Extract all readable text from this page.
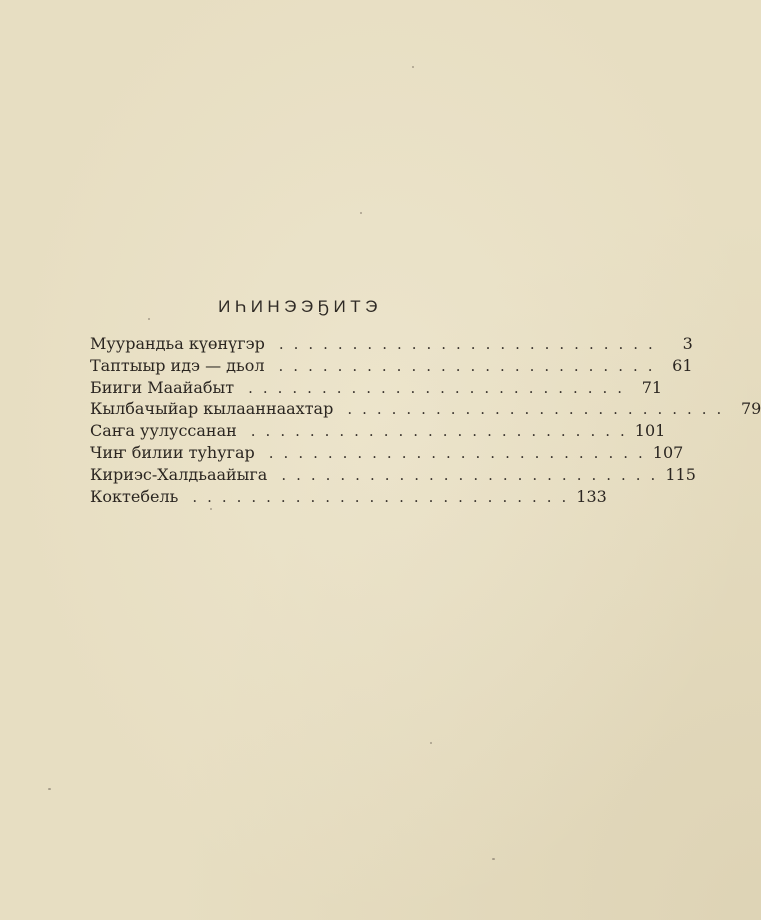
ИҺИНЭЭҔИТЭ
Муурандьа күөнүгэр ..........................	3
Таптыыр идэ — дьол .......................... 61
Бииги Маайабыт .......................... 71
Кылбачыйар кылааннаахтар .......................... 79
Саҥа уулуссанан .......................... 101
Чиҥ билии туһугар .......................... 107
Кириэс-Халдьаайыга .......................... 115
Коктебель .......................... 133
